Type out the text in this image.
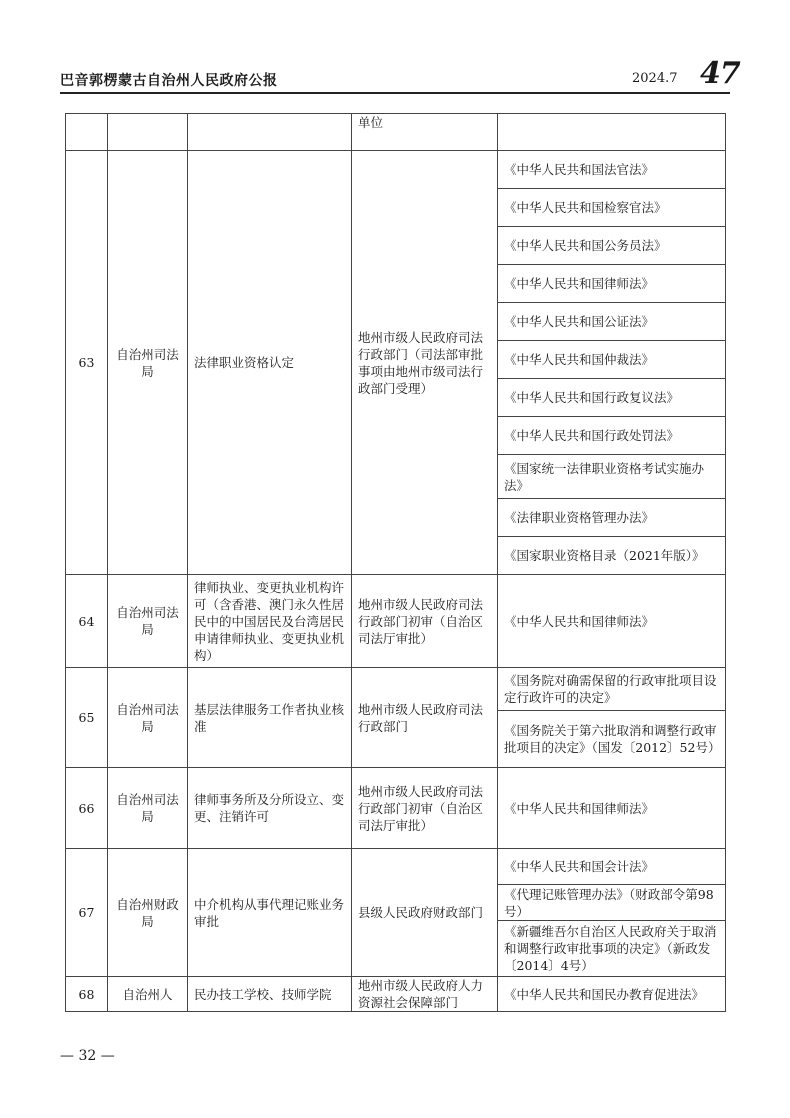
巴音郭楞蒙古自治州人民政府公报	2024.7 47
			单位	
63	自治州司法局	法律职业资格认定	地州市级人民政府司法行政部门（司法部审批事项由地州市级司法行政部门受理）	《中华人民共和国法官法》
				《中华人民共和国检察官法》
				《中华人民共和国公务员法》
				《中华人民共和国律师法》
				《中华人民共和国公证法》
				《中华人民共和国仲裁法》
				《中华人民共和国行政复议法》
				《中华人民共和国行政处罚法》
				《国家统一法律职业资格考试实施办法》
				《法律职业资格管理办法》
				《国家职业资格目录（2021年版）》
64	自治州司法局	律师执业、变更执业机构许可（含香港、澳门永久性居民中的中国居民及台湾居民申请律师执业、变更执业机构）	地州市级人民政府司法行政部门初审（自治区司法厅审批）	《中华人民共和国律师法》
65	自治州司法局	基层法律服务工作者执业核准	地州市级人民政府司法行政部门	《国务院对确需保留的行政审批项目设定行政许可的决定》
				《国务院关于第六批取消和调整行政审批项目的决定》（国发〔2012〕52号）
66	自治州司法局	律师事务所及分所设立、变更、注销许可	地州市级人民政府司法行政部门初审（自治区司法厅审批）	《中华人民共和国律师法》
67	自治州财政局	中介机构从事代理记账业务审批	县级人民政府财政部门	《中华人民共和国会计法》
				《代理记账管理办法》（财政部令第98号）
				《新疆维吾尔自治区人民政府关于取消和调整行政审批事项的决定》（新政发〔2014〕4号）
68	自治州人	民办技工学校、技师学院	地州市级人民政府人力资源社会保障部门	《中华人民共和国民办教育促进法》
— 32 —
